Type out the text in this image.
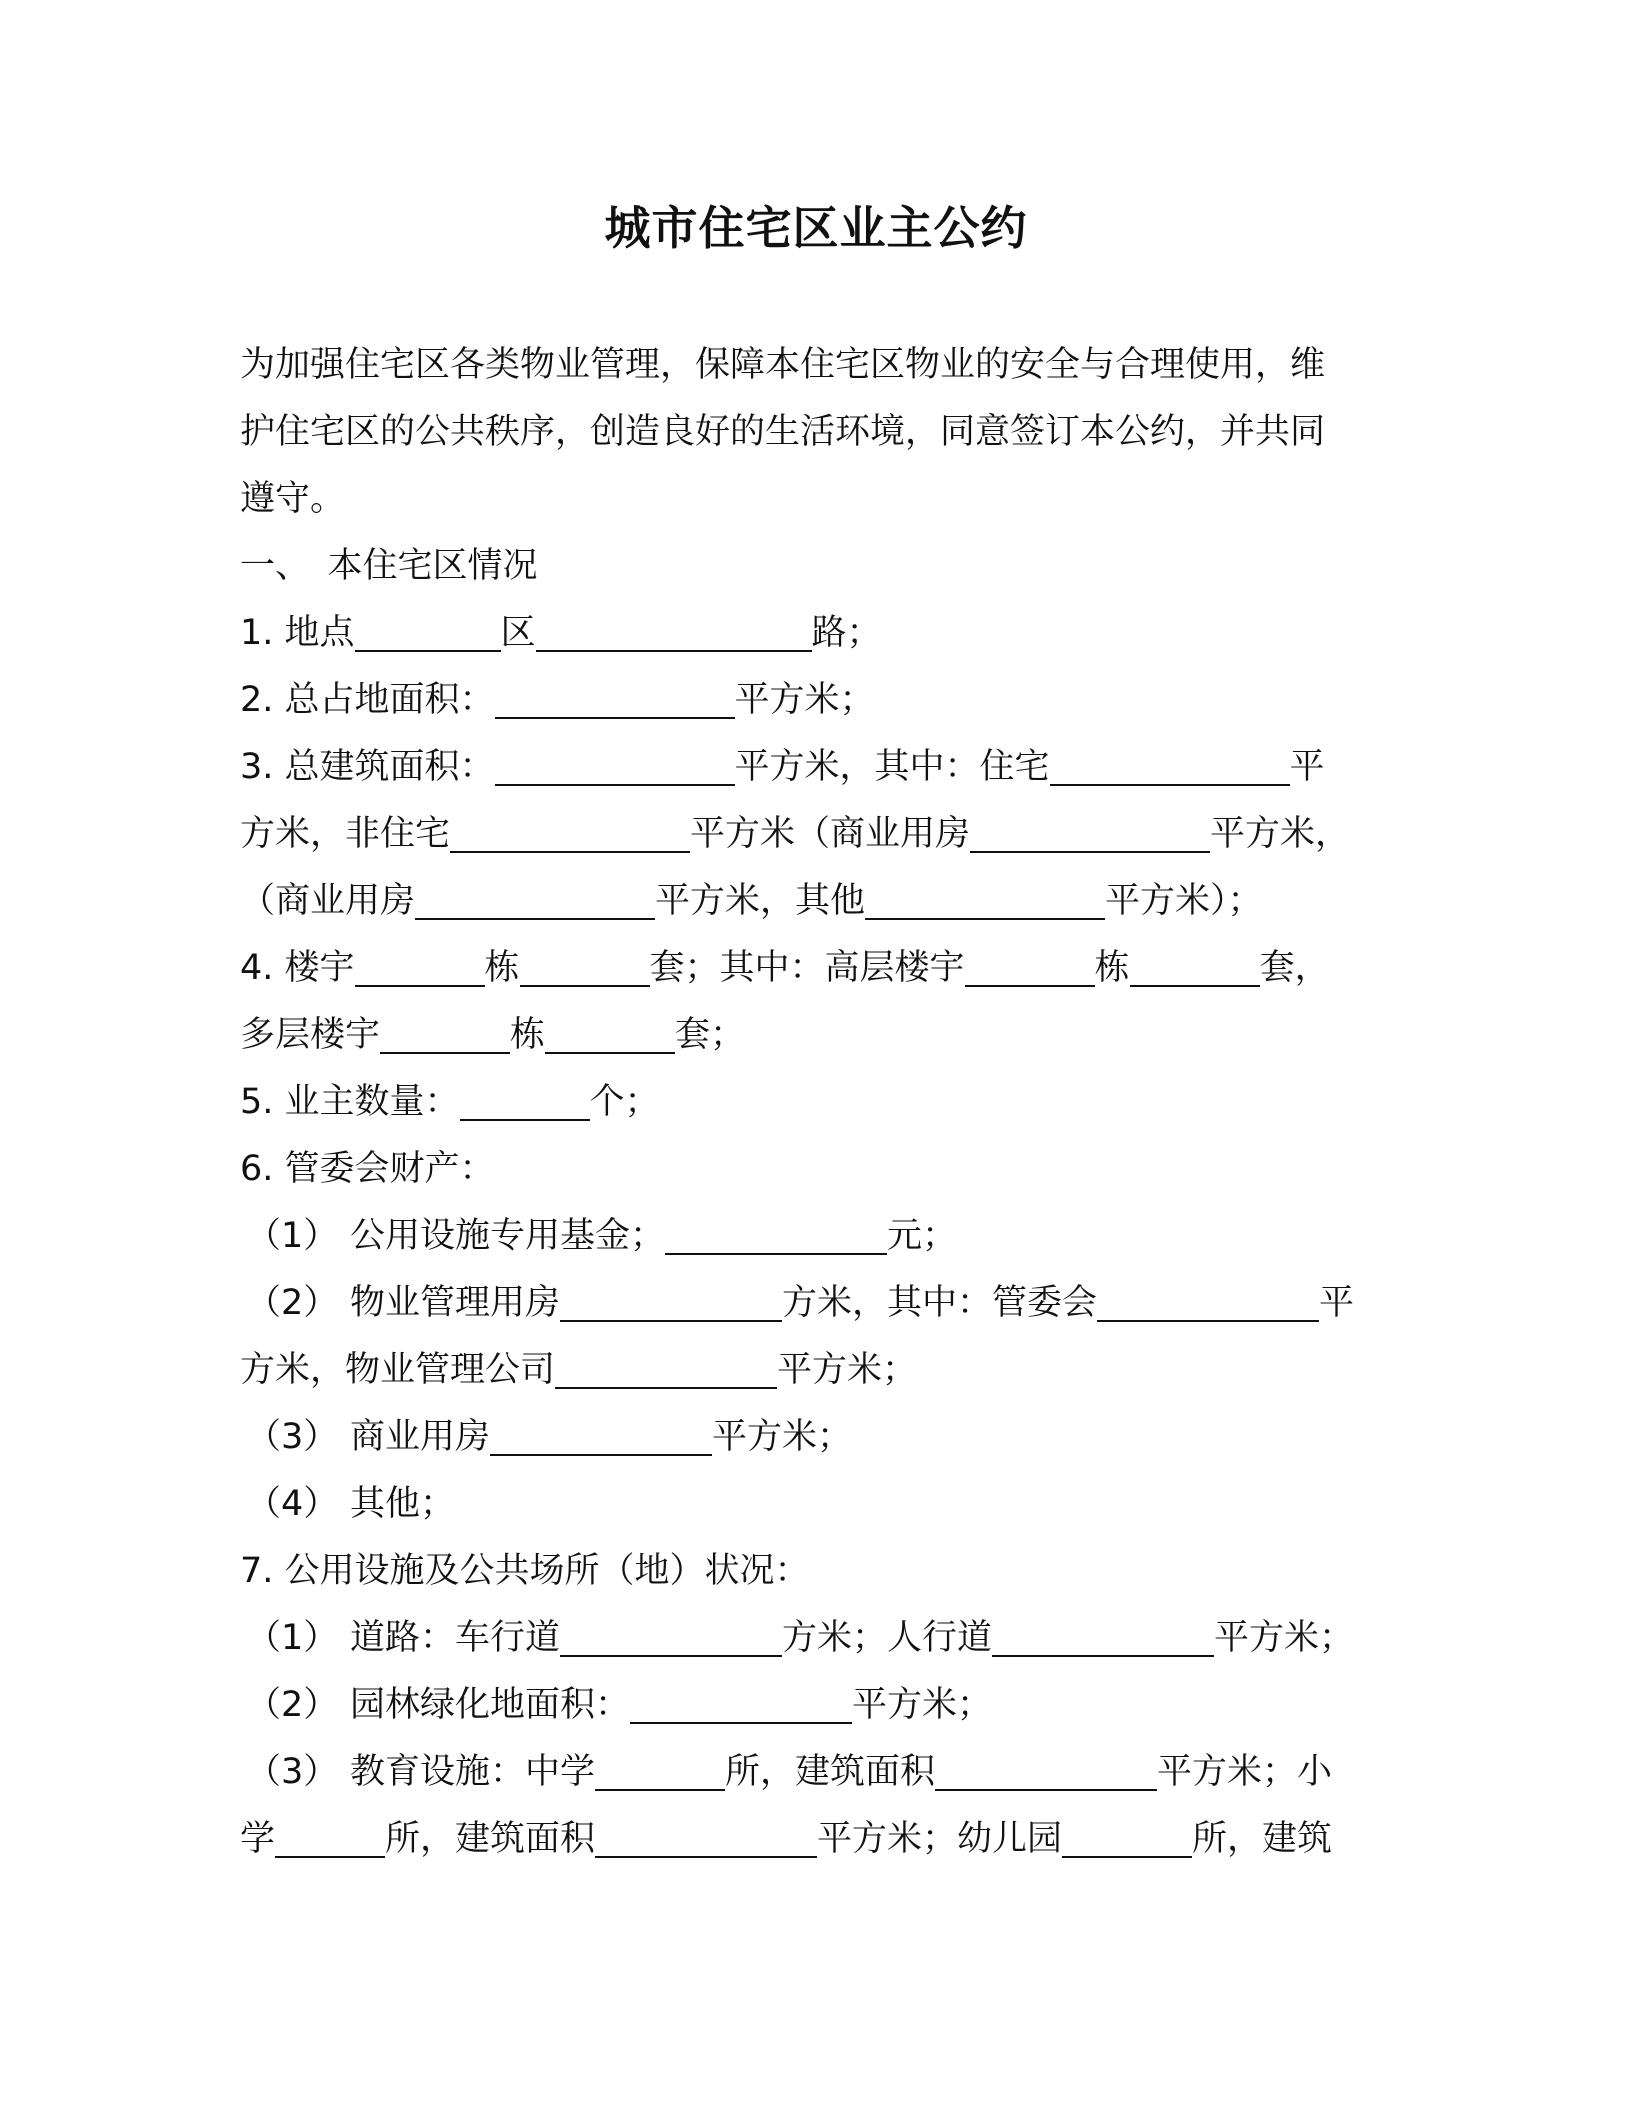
城市住宅区业主公约
为加强住宅区各类物业管理，保障本住宅区物业的安全与合理使用，维
护住宅区的公共秩序，创造良好的生活环境，同意签订本公约，并共同
遵守。
一、　本住宅区情况
1. 地点	区	路；
2. 总占地面积：	平方米；
3. 总建筑面积：	平方米，其中：住宅	平
方米，非住宅	平方米（商业用房	平方米，
（商业用房	平方米，其他	平方米）；
4. 楼宇	栋	套；其中：高层楼宇	栋	套，
多层楼宇	栋	套；
5. 业主数量：	个；
6. 管委会财产：
（1） 公用设施专用基金；	元；
（2） 物业管理用房	方米，其中：管委会	平
方米，物业管理公司	平方米；
（3） 商业用房	平方米；
（4） 其他；
7. 公用设施及公共场所（地）状况：
（1） 道路：车行道	方米；人行道	平方米；
（2） 园林绿化地面积：	平方米；
（3） 教育设施：中学	所，建筑面积	平方米；小
学	所，建筑面积	平方米；幼儿园	所，建筑
